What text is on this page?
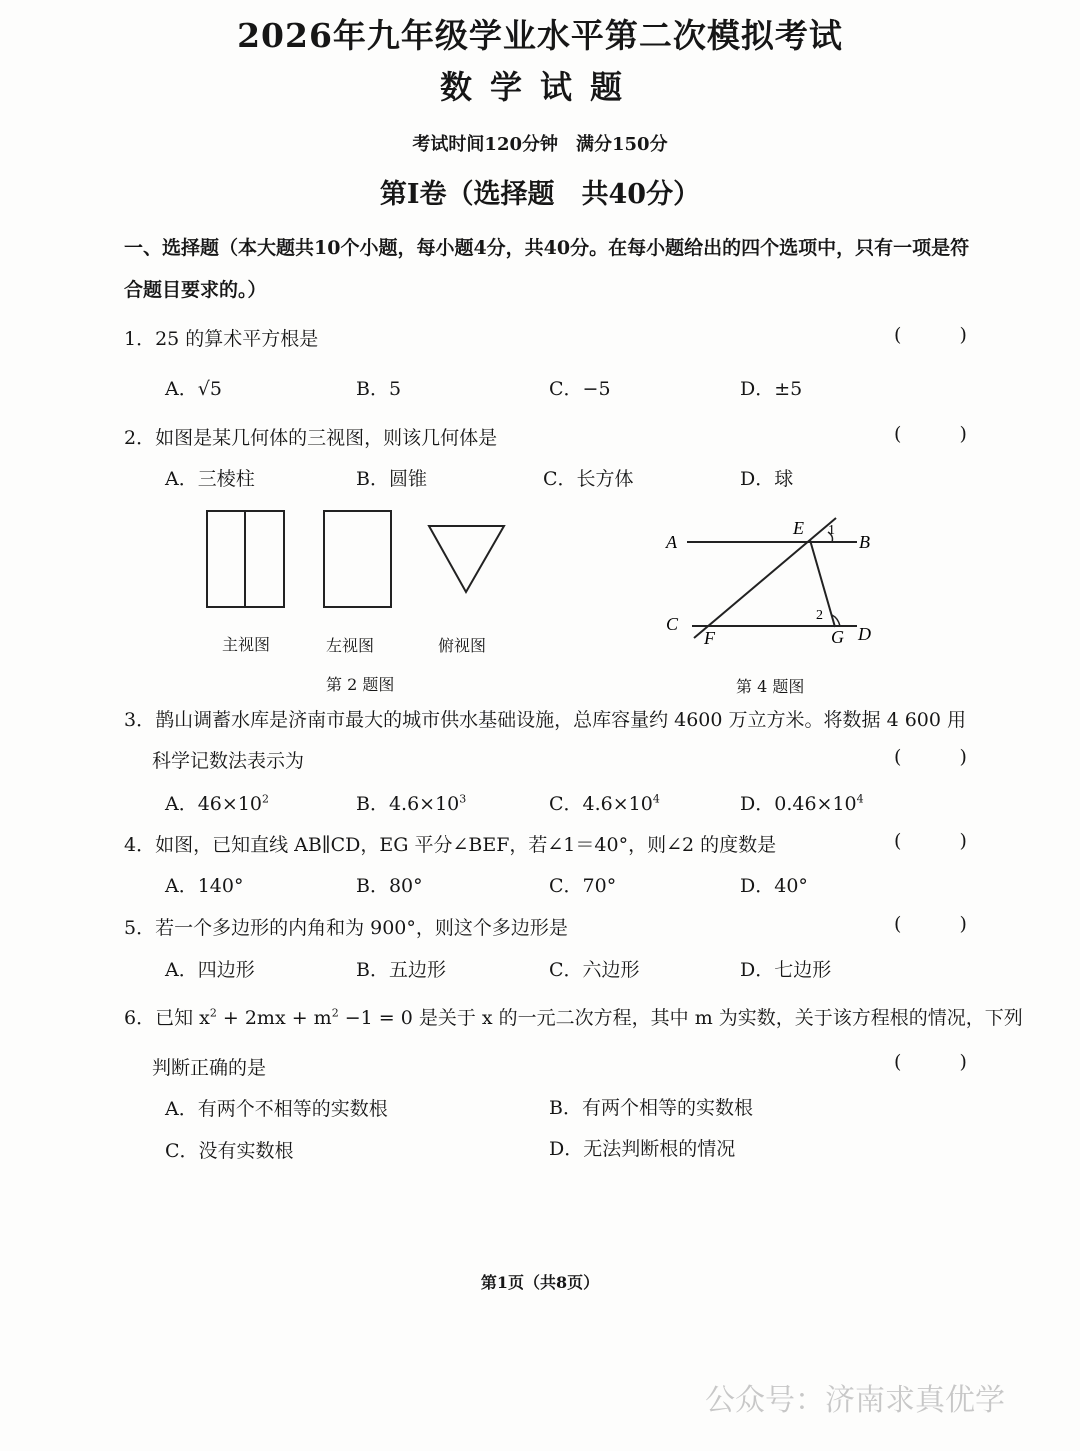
2026年九年级学业水平第二次模拟考试
数学试题
考试时间120分钟　满分150分
第Ⅰ卷（选择题　共40分）
一、选择题（本大题共10个小题，每小题4分，共40分。在每小题给出的四个选项中，只有一项是符
合题目要求的。）
1．25 的算术平方根是	( )
A．√5	B．5	C．−5	D．±5
2．如图是某几何体的三视图，则该几何体是	( )
A．三棱柱	B．圆锥	C．长方体	D．球
主视图	左视图	俯视图
第 2 题图
A	B
E 1
C
F
2
G D
第 4 题图
3．鹊山调蓄水库是济南市最大的城市供水基础设施，总库容量约 4600 万立方米。将数据 4 600 用
科学记数法表示为	( )
A．$46\times 10^2$	B．$4.6\times 10^3$	C．$4.6\times 10^4$	D．$0.46\times 10^4$
4．如图，已知直线 AB∥CD，EG 平分∠BEF，若∠1＝40°，则∠2 的度数是	( )
A．140°	B．80°	C．70°	D．40°
5．若一个多边形的内角和为 900°，则这个多边形是	( )
A．四边形	B．五边形	C．六边形	D．七边形
6．已知 $x^2 + 2mx + m^2 -1 = 0$ 是关于 x 的一元二次方程，其中 m 为实数，关于该方程根的情况，下列
判断正确的是	( )
A．有两个不相等的实数根	B．有两个相等的实数根
C．没有实数根	D．无法判断根的情况
第1页（共8页）
公众号：济南求真优学
